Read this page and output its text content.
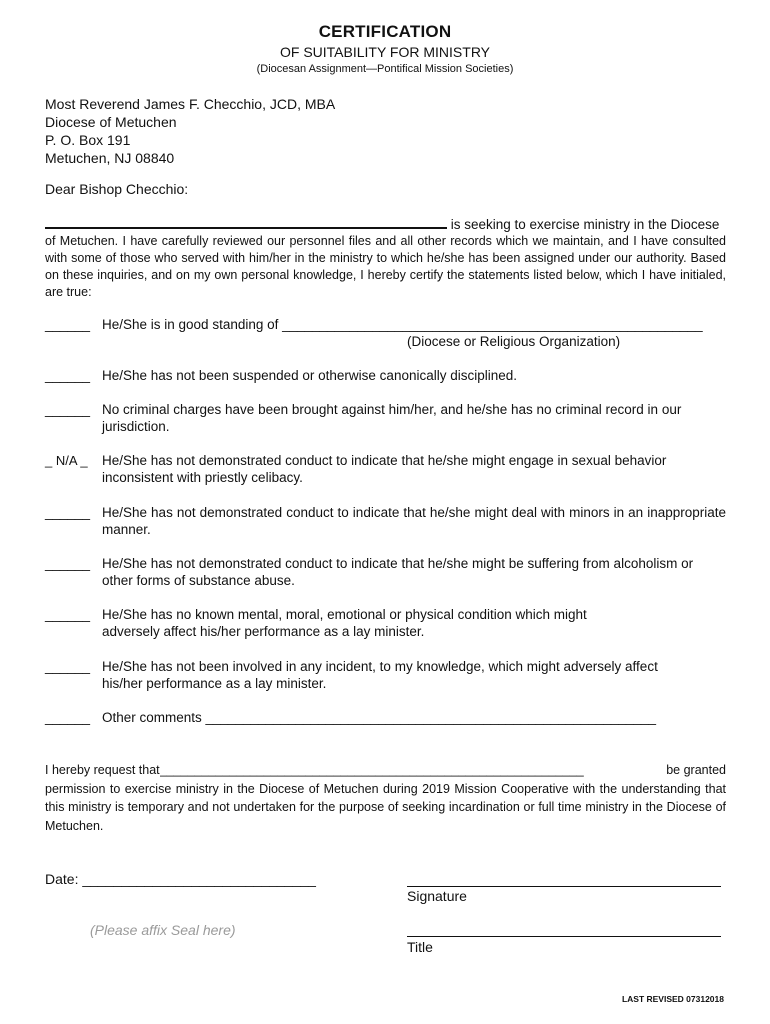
CERTIFICATION
OF SUITABILITY FOR MINISTRY
(Diocesan Assignment—Pontifical Mission Societies)
Most Reverend James F. Checchio, JCD, MBA
Diocese of Metuchen
P. O. Box 191
Metuchen, NJ 08840
Dear Bishop Checchio:
is seeking to exercise ministry in the Diocese
of Metuchen. I have carefully reviewed our personnel files and all other records which we maintain, and I have consulted with some of those who served with him/her in the ministry to which he/she has been assigned under our authority. Based on these inquiries, and on my own personal knowledge, I hereby certify the statements listed below, which I have initialed, are true:
______ He/She is in good standing of ________________________________________________________
(Diocese or Religious Organization)
______ He/She has not been suspended or otherwise canonically disciplined.
______ No criminal charges have been brought against him/her, and he/she has no criminal record in our jurisdiction.
_ N/A _	He/She has not demonstrated conduct to indicate that he/she might engage in sexual behavior inconsistent with priestly celibacy.
______ He/She has not demonstrated conduct to indicate that he/she might deal with minors in an inappropriate manner.
______ He/She has not demonstrated conduct to indicate that he/she might be suffering from alcoholism or other forms of substance abuse.
______ He/She has no known mental, moral, emotional or physical condition which might adversely affect his/her performance as a lay minister.
______ He/She has not been involved in any incident, to my knowledge, which might adversely affect his/her performance as a lay minister.
______ Other comments ____________________________________________________________
I hereby request that _____________________________________________________________	be granted
permission to exercise ministry in the Diocese of Metuchen during 2019 Mission Cooperative with the understanding that this ministry is temporary and not undertaken for the purpose of seeking incardination or full time ministry in the Diocese of Metuchen.
Date: ______________________________
Signature
(Please affix Seal here)
Title
LAST REVISED 07312018
